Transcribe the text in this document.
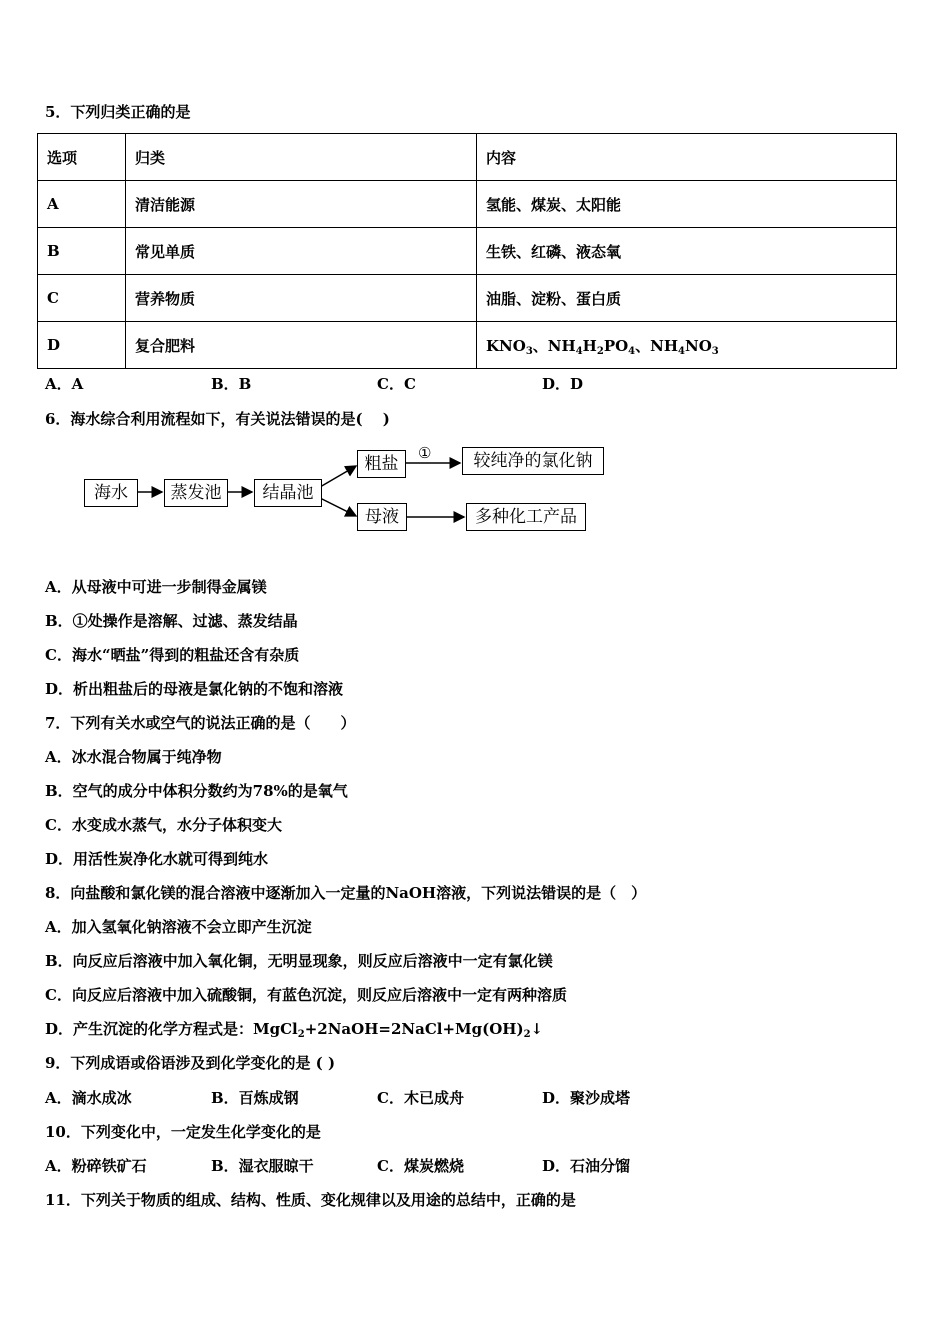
5．下列归类正确的是
选项	归类	内容
A	清洁能源	氢能、煤炭、太阳能
B	常见单质	生铁、红磷、液态氧
C	营养物质	油脂、淀粉、蛋白质
D	复合肥料	$KNO_3$、$NH_4H_2PO_4$、$NH_4NO_3$
A．A	B．B	C．C	D．D
6．海水综合利用流程如下，有关说法错误的是(　 )
海水	蒸发池	结晶池
粗盐
①	较纯净的氯化钠
母液	多种化工产品
A．从母液中可进一步制得金属镁
B．①处操作是溶解、过滤、蒸发结晶
C．海水“晒盐”得到的粗盐还含有杂质
D．析出粗盐后的母液是氯化钠的不饱和溶液
7．下列有关水或空气的说法正确的是（　　）
A．冰水混合物属于纯净物
B．空气的成分中体积分数约为78%的是氧气
C．水变成水蒸气，水分子体积变大
D．用活性炭净化水就可得到纯水
8．向盐酸和氯化镁的混合溶液中逐渐加入一定量的NaOH溶液，下列说法错误的是（　）
A．加入氢氧化钠溶液不会立即产生沉淀
B．向反应后溶液中加入氧化铜，无明显现象，则反应后溶液中一定有氯化镁
C．向反应后溶液中加入硫酸铜，有蓝色沉淀，则反应后溶液中一定有两种溶质
D．产生沉淀的化学方程式是：$MgCl_2+2NaOH=2NaCl+Mg(OH)_2↓$
9．下列成语或俗语涉及到化学变化的是 ( )
A．滴水成冰	B．百炼成钢	C．木已成舟	D．聚沙成塔
10．下列变化中，一定发生化学变化的是
A．粉碎铁矿石	B．湿衣服晾干	C．煤炭燃烧	D．石油分馏
11．下列关于物质的组成、结构、性质、变化规律以及用途的总结中，正确的是
